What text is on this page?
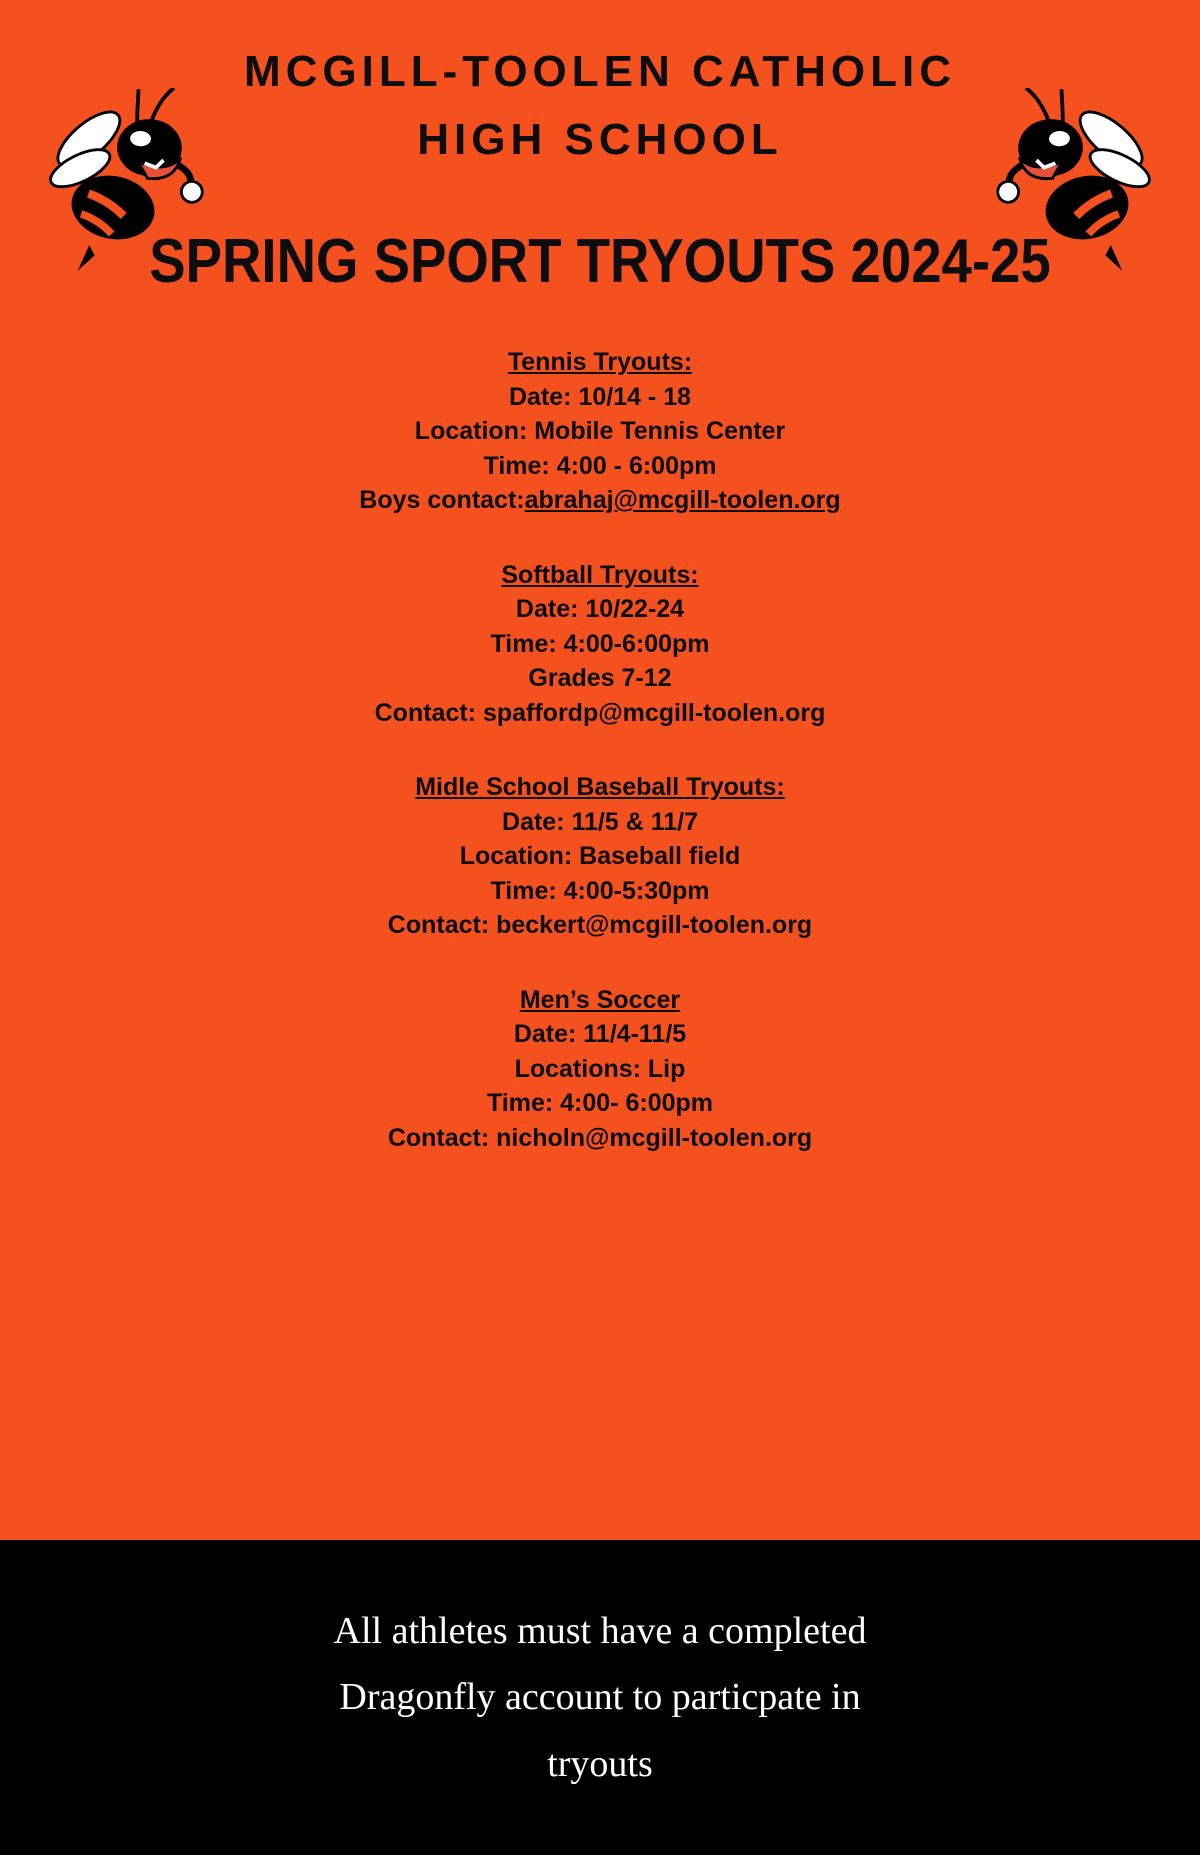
MCGILL-TOOLEN CATHOLIC
HIGH SCHOOL
SPRING SPORT TRYOUTS 2024-25
Tennis Tryouts:
Date: 10/14 - 18
Location: Mobile Tennis Center
Time: 4:00 - 6:00pm
Boys contact:abrahaj@mcgill-toolen.org
Softball Tryouts:
Date: 10/22-24
Time: 4:00-6:00pm
Grades 7-12
Contact: spaffordp@mcgill-toolen.org
Midle School Baseball Tryouts:
Date: 11/5 & 11/7
Location: Baseball field
Time: 4:00-5:30pm
Contact: beckert@mcgill-toolen.org
Men’s Soccer
Date: 11/4-11/5
Locations: Lip
Time: 4:00- 6:00pm
Contact: nicholn@mcgill-toolen.org
All athletes must have a completed
Dragonfly account to particpate in
tryouts
